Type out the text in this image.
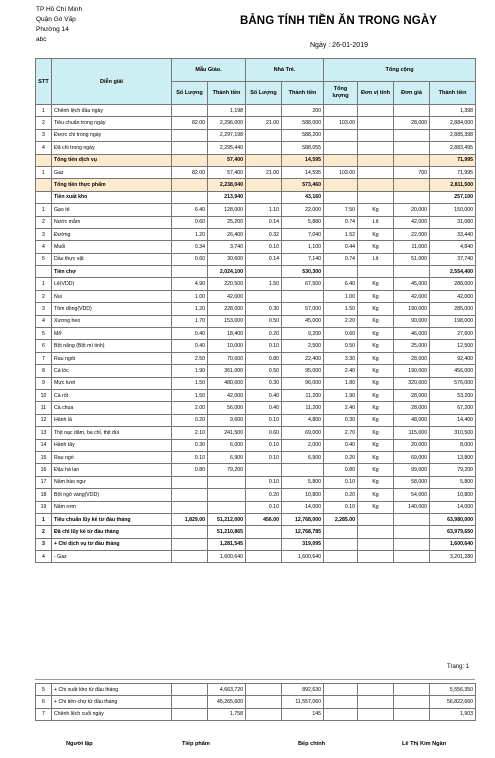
TP Hồ Chí Minh
Quận Gò Vấp
Phường 14
abc
BẢNG TÍNH TIỀN ĂN TRONG NGÀY
Ngày : 26-01-2019
STT	Diễn giải	Mẫu Giáo.		Nhà Trẻ.		Tổng cộng			
		Số Lượng	Thành tiền	Số Lượng	Thành tiền	Tổng lượng	Đơn vị tính	Đơn giá	Thành tiền
1	Chênh lệch đầu ngày		1,198		200				1,398
2	Tiêu chuẩn trong ngày	82.00	2,296,000	21.00	588,000	103.00		28,000	2,884,000
3	Được chi trong ngày		2,297,198		588,200				2,885,398
4	Đã chi trong ngày		2,295,440		588,055				2,883,495
	Tổng tiền dịch vụ		57,400		14,595				71,995
1	Gaz	82.00	57,400	21.00	14,595	103.00		700	71,995
	Tổng tiền thực phẩm		2,238,040		573,460				2,811,500
	Tiền xuất kho		213,940		43,160				257,100
1	Gạo tẻ	6.40	128,000	1.10	22,000	7.50	Kg	20,000	150,000
2	Nước mắm	0.60	25,200	0.14	5,880	0.74	Lít	42,000	31,080
3	Đường	1.20	26,400	0.32	7,040	1.52	Kg	22,000	33,440
4	Muối	0.34	3,740	0.10	1,100	0.44	Kg	11,000	4,840
5	Dầu thực vật	0.60	30,600	0.14	7,140	0.74	Lít	51,000	37,740
	Tiền chợ		2,024,100		530,300				2,554,400
1	Lê(VDD)	4.90	220,500	1.50	67,500	6.40	Kg	45,000	288,000
2	Nui	1.00	42,000			1.00	Kg	42,000	42,000
3	Tôm đồng(VDD)	1.20	228,000	0.30	57,000	1.50	Kg	190,000	285,000
4	Xương heo	1.70	153,000	0.50	45,000	2.20	Kg	90,000	198,000
5	Mỡ	0.40	18,400	0.20	9,200	0.60	Kg	46,000	27,600
6	Bột năng (Bột mì tinh)	0.40	10,000	0.10	2,500	0.50	Kg	25,000	12,500
7	Rau ngót	2.50	70,000	0.80	22,400	3.30	Kg	28,000	92,400
8	Cá lóc	1.90	361,000	0.50	95,000	2.40	Kg	190,000	456,000
9	Mực tươi	1.50	480,000	0.30	96,000	1.80	Kg	320,000	576,000
10	Cà rốt	1.50	42,000	0.40	11,200	1.90	Kg	28,000	53,200
11	Cà chua	2.00	56,000	0.40	11,200	2.40	Kg	28,000	67,200
12	Hành lá	0.20	9,600	0.10	4,800	0.30	Kg	48,000	14,400
13	Thịt nạc dăm, ba chỉ, thịt đùi	2.10	241,500	0.60	69,000	2.70	Kg	115,000	310,500
14	Hành tây	0.30	6,000	0.10	2,000	0.40	Kg	20,000	8,000
15	Rau ngò	0.10	6,900	0.10	6,900	0.20	Kg	69,000	13,800
16	Đậu hà lan	0.80	79,200			0.80	Kg	99,000	79,200
17	Nấm bào ngư			0.10	5,800	0.10	Kg	58,000	5,800
18	Bột ngô vàng(VDD)			0.20	10,800	0.20	Kg	54,000	10,800
19	Nấm rơm			0.10	14,000	0.10	Kg	140,000	14,000
1	Tiêu chuẩn lũy kế từ đầu tháng	1,829.00	51,212,000	456.00	12,768,000	2,285.00			63,980,000
2	Đã chi lũy kế từ đầu tháng		51,210,865		12,768,785				63,979,650
3	+ Chi dịch vụ từ đầu tháng		1,281,545		319,095				1,600,640
4	- Gaz		1,600,640		1,600,640				3,201,280
Trang: 1
5	+ Chi xuất kho từ đầu tháng		4,663,720		892,630				5,556,350
6	+ Chi tiền chợ từ đầu tháng		45,265,600		11,557,060				56,822,660
7	Chênh lệch cuối ngày		1,758		145				1,903
Người lập	Tiếp phẩm	Bếp chính	Lê Thị Kim Ngân
